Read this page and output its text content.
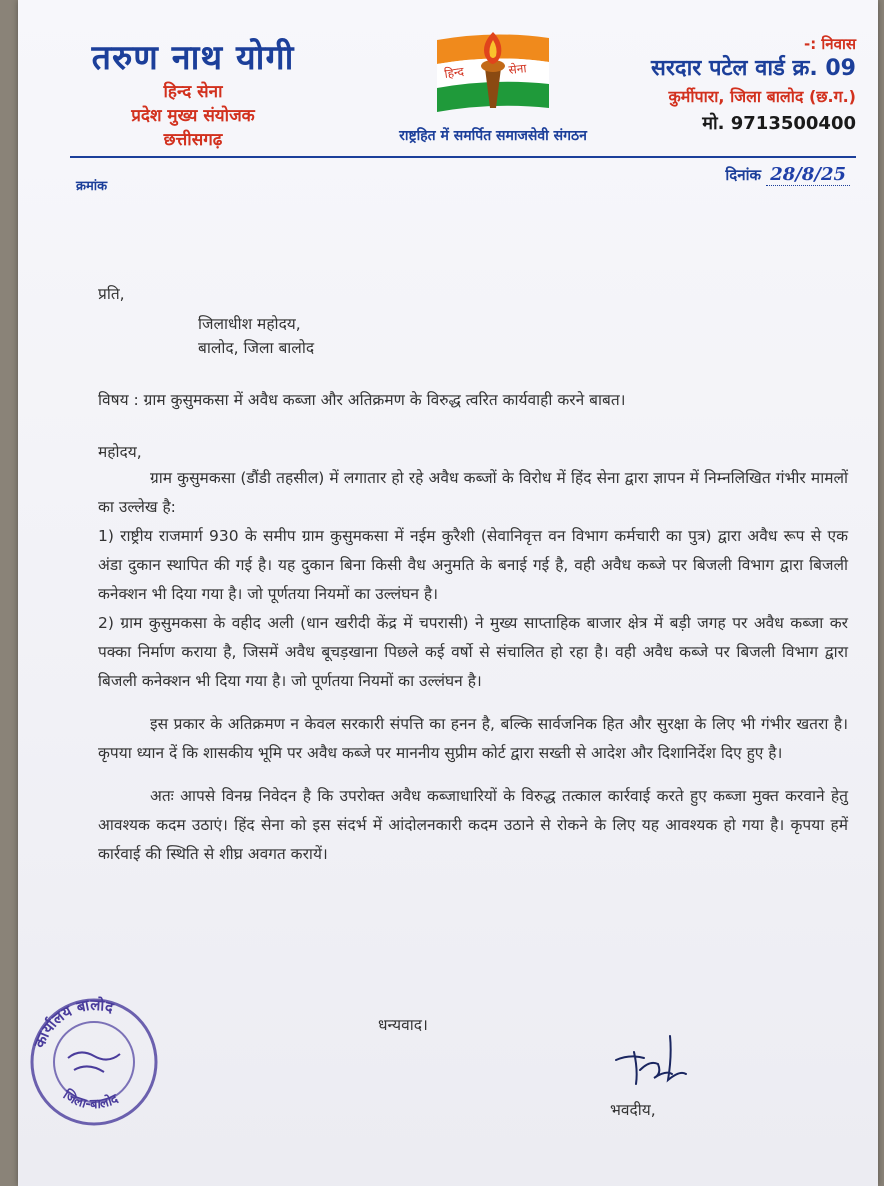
तरुण नाथ योगी
हिन्द सेना
प्रदेश मुख्य संयोजक
छत्तीसगढ़
हिन्द	सेना
राष्ट्रहित में समर्पित समाजसेवी संगठन
-: निवास
सरदार पटेल वार्ड क्र. 09
कुर्मीपारा, जिला बालोद (छ.ग.)
मो. 9713500400
क्रमांक
दिनांक 28/8/25
प्रति,
जिलाधीश महोदय,
बालोद, जिला बालोद
विषय : ग्राम कुसुमकसा में अवैध कब्जा और अतिक्रमण के विरुद्ध त्वरित कार्यवाही करने बाबत।
महोदय,
ग्राम कुसुमकसा (डौंडी तहसील) में लगातार हो रहे अवैध कब्जों के विरोध में हिंद सेना द्वारा ज्ञापन में निम्नलिखित गंभीर मामलों का उल्लेख है:
1) राष्ट्रीय राजमार्ग 930 के समीप ग्राम कुसुमकसा में नईम कुरैशी (सेवानिवृत्त वन विभाग कर्मचारी का पुत्र) द्वारा अवैध रूप से एक अंडा दुकान स्थापित की गई है। यह दुकान बिना किसी वैध अनुमति के बनाई गई है, वही अवैध कब्जे पर बिजली विभाग द्वारा बिजली कनेक्शन भी दिया गया है। जो पूर्णतया नियमों का उल्लंघन है।
2) ग्राम कुसुमकसा के वहीद अली (धान खरीदी केंद्र में चपरासी) ने मुख्य साप्ताहिक बाजार क्षेत्र में बड़ी जगह पर अवैध कब्जा कर पक्का निर्माण कराया है, जिसमें अवैध बूचड़खाना पिछले कई वर्षो से संचालित हो रहा है। वही अवैध कब्जे पर बिजली विभाग द्वारा बिजली कनेक्शन भी दिया गया है। जो पूर्णतया नियमों का उल्लंघन है।
इस प्रकार के अतिक्रमण न केवल सरकारी संपत्ति का हनन है, बल्कि सार्वजनिक हित और सुरक्षा के लिए भी गंभीर खतरा है। कृपया ध्यान दें कि शासकीय भूमि पर अवैध कब्जे पर माननीय सुप्रीम कोर्ट द्वारा सख्ती से आदेश और दिशानिर्देश दिए हुए है।
अतः आपसे विनम्र निवेदन है कि उपरोक्त अवैध कब्जाधारियों के विरुद्ध तत्काल कार्रवाई करते हुए कब्जा मुक्त करवाने हेतु आवश्यक कदम उठाएं। हिंद सेना को इस संदर्भ में आंदोलनकारी कदम उठाने से रोकने के लिए यह आवश्यक हो गया है। कृपया हमें कार्रवाई की स्थिति से शीघ्र अवगत करायें।
धन्यवाद।
भवदीय,
कार्यालय बालोद
जिला-बालोद
